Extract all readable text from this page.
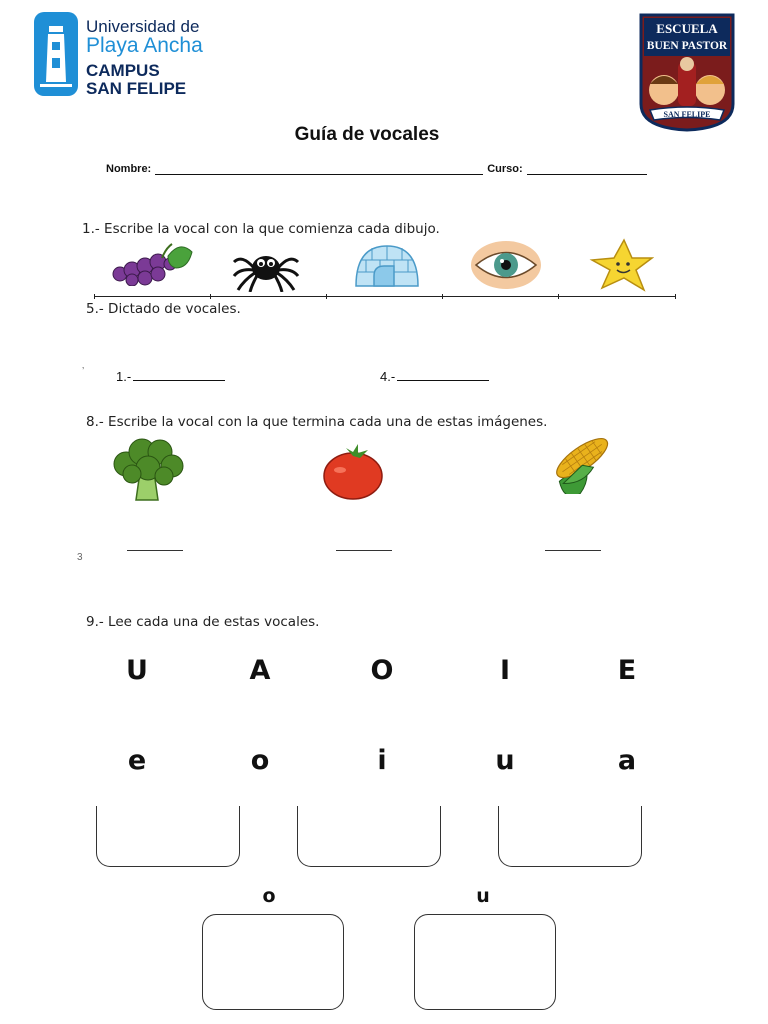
Universidad de
Playa Ancha
CAMPUS
SAN FELIPE
ESCUELA
BUEN PASTOR
SAN FELIPE
Guía de vocales
Nombre:	Curso:
1.- Escribe la vocal con la que comienza cada dibujo.
5.- Dictado de vocales.
‚
1.-	4.-
8.- Escribe la vocal con la que termina cada una de estas imágenes.
3
9.- Lee cada una de estas vocales.
U	A	O	I	E
e	o	i	u	a
o	u
